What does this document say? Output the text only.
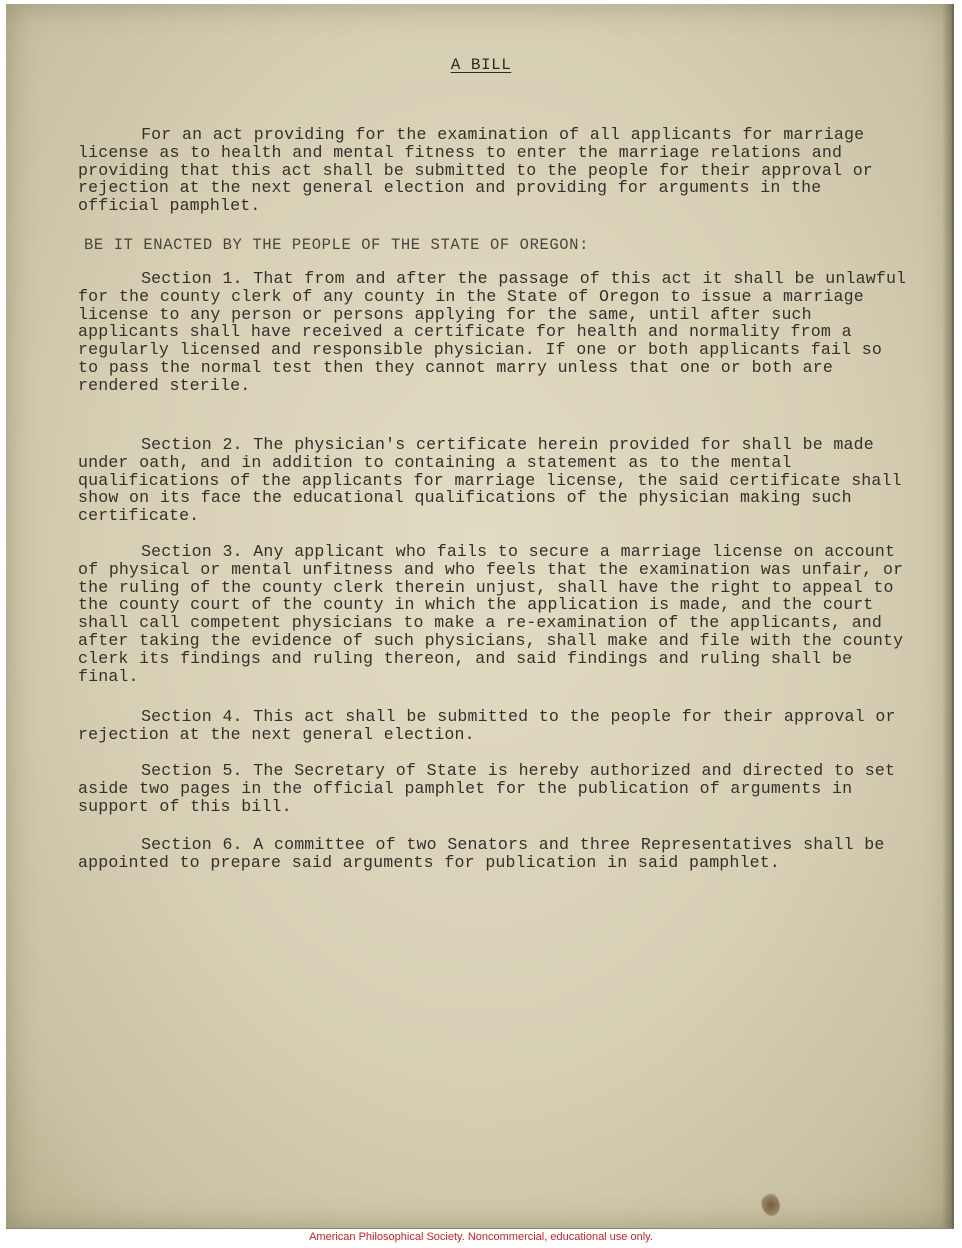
A BILL

For an act providing for the examination of all applicants for marriage license as to health and mental fitness to enter the marriage relations and providing that this act shall be submitted to the people for their approval or rejection at the next general election and providing for arguments in the official pamphlet.

BE IT ENACTED BY THE PEOPLE OF THE STATE OF OREGON:

Section 1. That from and after the passage of this act it shall be unlawful for the county clerk of any county in the State of Oregon to issue a marriage license to any person or persons applying for the same, until after such applicants shall have received a certificate for health and normality from a regularly licensed and responsible physician. If one or both applicants fail so to pass the normal test then they cannot marry unless that one or both are rendered sterile.

Section 2. The physician's certificate herein provided for shall be made under oath, and in addition to containing a statement as to the mental qualifications of the applicants for marriage license, the said certificate shall show on its face the educational qualifications of the physician making such certificate.

Section 3. Any applicant who fails to secure a marriage license on account of physical or mental unfitness and who feels that the examination was unfair, or the ruling of the county clerk therein unjust, shall have the right to appeal to the county court of the county in which the application is made, and the court shall call competent physicians to make a re-examination of the applicants, and after taking the evidence of such physicians, shall make and file with the county clerk its findings and ruling thereon, and said findings and ruling shall be final.

Section 4. This act shall be submitted to the people for their approval or rejection at the next general election.

Section 5. The Secretary of State is hereby authorized and directed to set aside two pages in the official pamphlet for the publication of arguments in support of this bill.

Section 6. A committee of two Senators and three Representatives shall be appointed to prepare said arguments for publication in said pamphlet.

American Philosophical Society. Noncommercial, educational use only.
